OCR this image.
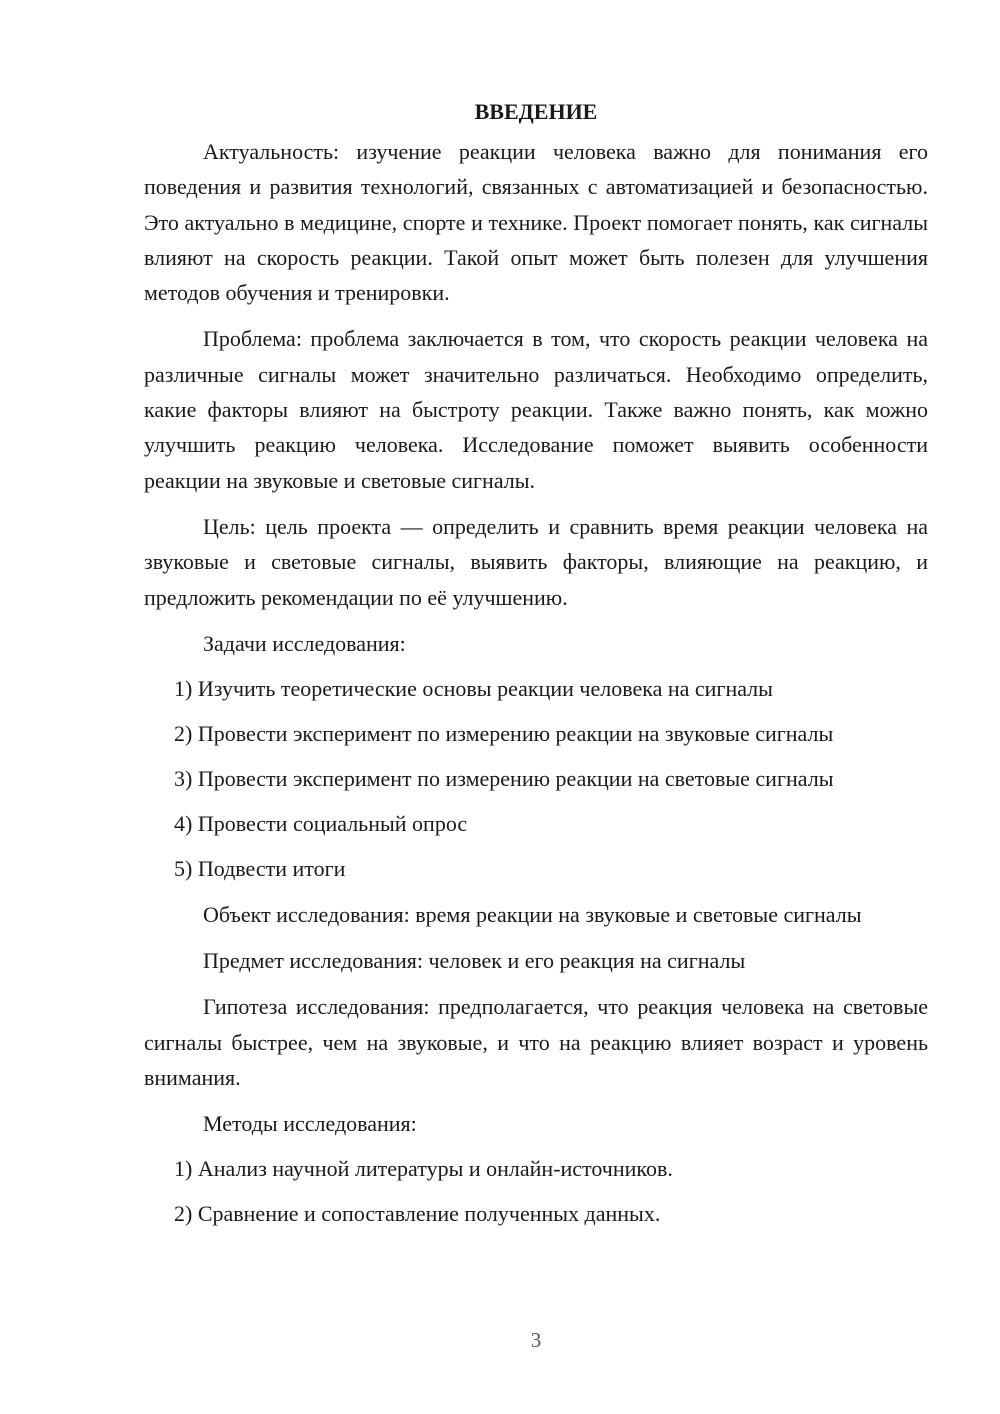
ВВЕДЕНИЕ

Актуальность: изучение реакции человека важно для понимания его поведения и развития технологий, связанных с автоматизацией и безопасностью. Это актуально в медицине, спорте и технике. Проект помогает понять, как сигналы влияют на скорость реакции. Такой опыт может быть полезен для улучшения методов обучения и тренировки.

Проблема: проблема заключается в том, что скорость реакции человека на различные сигналы может значительно различаться. Необходимо определить, какие факторы влияют на быстроту реакции. Также важно понять, как можно улучшить реакцию человека. Исследование поможет выявить особенности реакции на звуковые и световые сигналы.

Цель: цель проекта — определить и сравнить время реакции человека на звуковые и световые сигналы, выявить факторы, влияющие на реакцию, и предложить рекомендации по её улучшению.

Задачи исследования:

1) Изучить теоретические основы реакции человека на сигналы

2) Провести эксперимент по измерению реакции на звуковые сигналы

3) Провести эксперимент по измерению реакции на световые сигналы

4) Провести социальный опрос

5) Подвести итоги

Объект исследования: время реакции на звуковые и световые сигналы

Предмет исследования: человек и его реакция на сигналы

Гипотеза исследования: предполагается, что реакция человека на световые сигналы быстрее, чем на звуковые, и что на реакцию влияет возраст и уровень внимания.

Методы исследования:

1) Анализ научной литературы и онлайн-источников.

2) Сравнение и сопоставление полученных данных.

3
